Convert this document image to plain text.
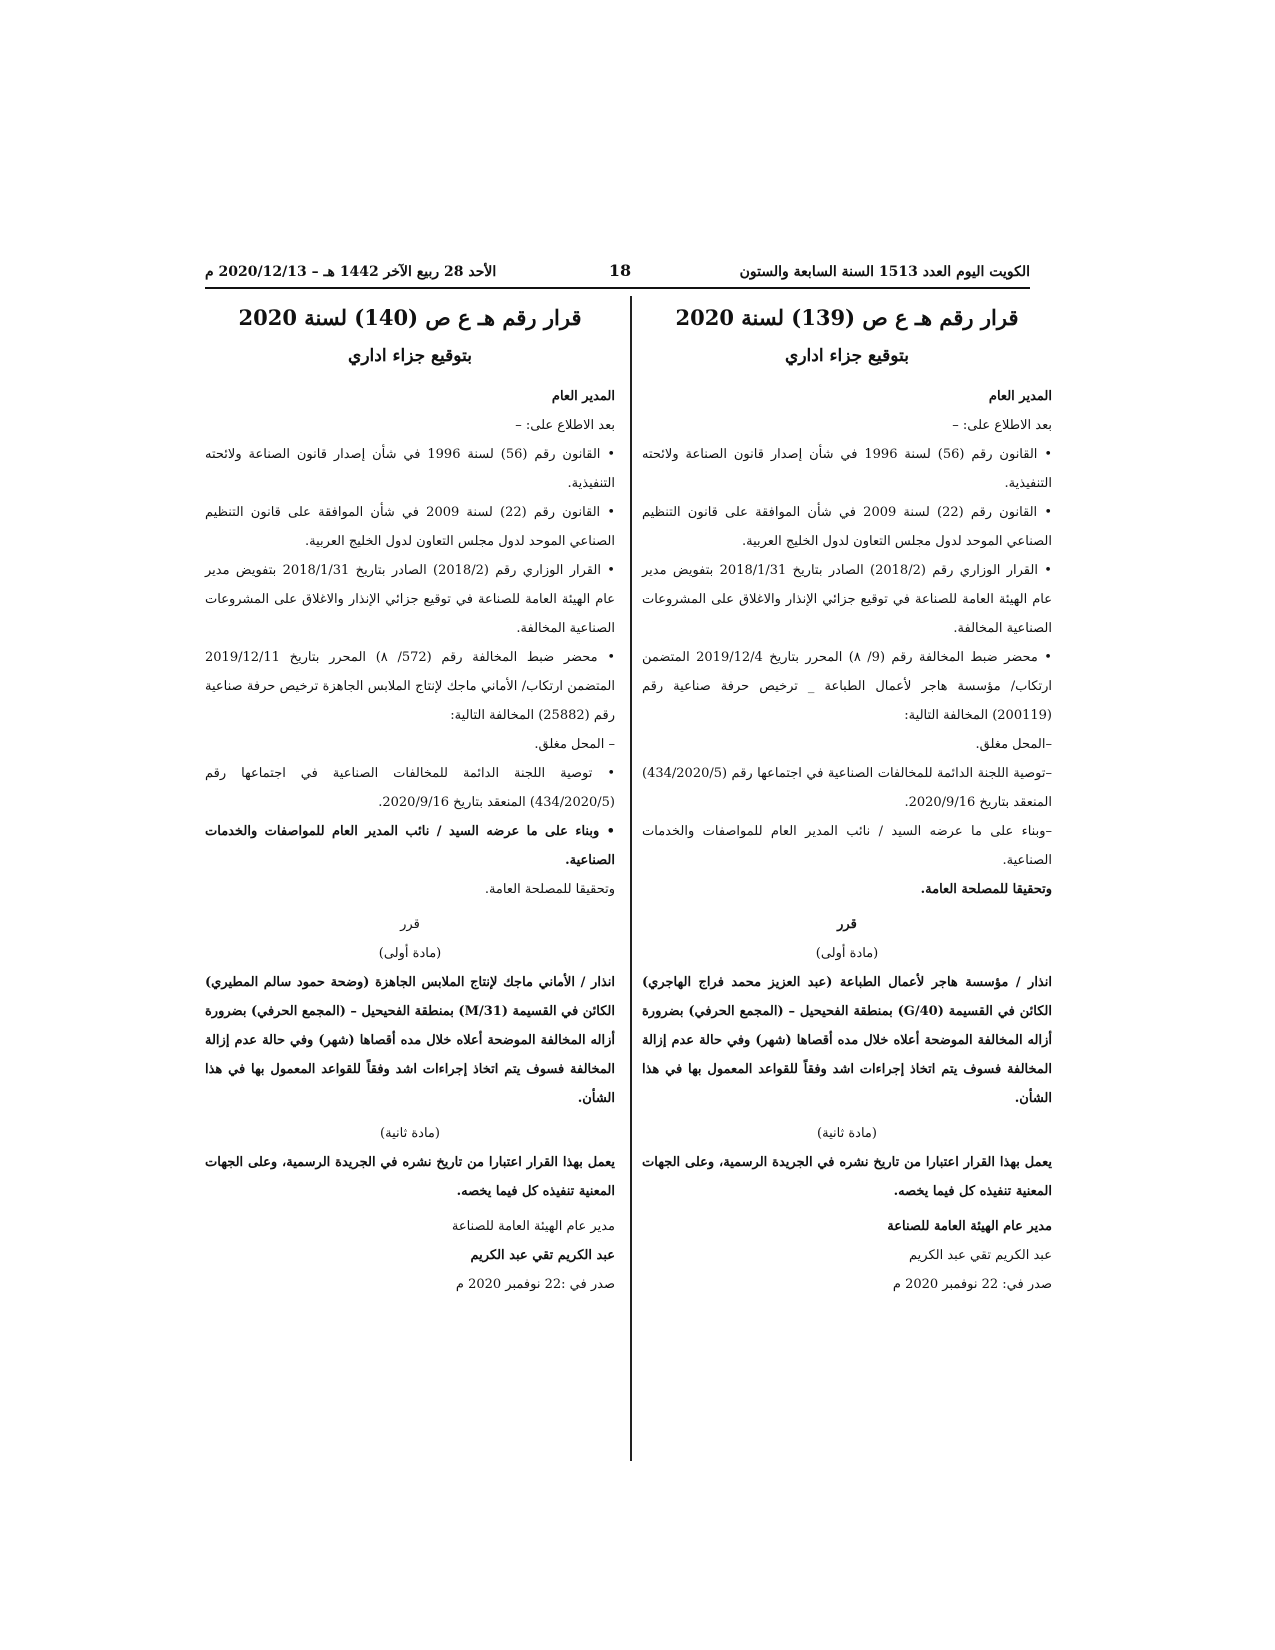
الكويت اليوم العدد 1513 السنة السابعة والستون
18
الأحد 28 ربيع الآخر 1442 هـ – 2020/12/13 م

قرار رقم هـ ع ص (139) لسنة 2020

بتوقيع جزاء اداري

المدير العام

بعد الاطلاع على: –

• القانون رقم (56) لسنة 1996 في شأن إصدار قانون الصناعة ولائحته التنفيذية.

• القانون رقم (22) لسنة 2009 في شأن الموافقة على قانون التنظيم الصناعي الموحد لدول مجلس التعاون لدول الخليج العربية.

• القرار الوزاري رقم (2018/2) الصادر بتاريخ 2018/1/31 بتفويض مدير عام الهيئة العامة للصناعة في توقيع جزائي الإنذار والاغلاق على المشروعات الصناعية المخالفة.

• محضر ضبط المخالفة رقم (9/ ٨) المحرر بتاريخ 2019/12/4 المتضمن ارتكاب/ مؤسسة هاجر لأعمال الطباعة _ ترخيص حرفة صناعية رقم (200119) المخالفة التالية:

–المحل مغلق.

–توصية اللجنة الدائمة للمخالفات الصناعية في اجتماعها رقم (434/2020/5) المنعقد بتاريخ 2020/9/16.

–وبناء على ما عرضه السيد / نائب المدير العام للمواصفات والخدمات الصناعية.

وتحقيقا للمصلحة العامة.

قرر

(مادة أولى)

انذار / مؤسسة هاجر لأعمال الطباعة (عبد العزيز محمد فراج الهاجري) الكائن في القسيمة (G/40) بمنطقة الفحيحيل – (المجمع الحرفي) بضرورة أزاله المخالفة الموضحة أعلاه خلال مده أقصاها (شهر) وفي حالة عدم إزالة المخالفة فسوف يتم اتخاذ إجراءات اشد وفقاً للقواعد المعمول بها في هذا الشأن.

(مادة ثانية)

يعمل بهذا القرار اعتبارا من تاريخ نشره في الجريدة الرسمية، وعلى الجهات المعنية تنفيذه كل فيما يخصه.

مدير عام الهيئة العامة للصناعة

عبد الكريم تقي عبد الكريم

صدر في: 22 نوفمبر 2020 م

قرار رقم هـ ع ص (140) لسنة 2020

بتوقيع جزاء اداري

المدير العام

بعد الاطلاع على: –

• القانون رقم (56) لسنة 1996 في شأن إصدار قانون الصناعة ولائحته التنفيذية.

• القانون رقم (22) لسنة 2009 في شأن الموافقة على قانون التنظيم الصناعي الموحد لدول مجلس التعاون لدول الخليج العربية.

• القرار الوزاري رقم (2018/2) الصادر بتاريخ 2018/1/31 بتفويض مدير عام الهيئة العامة للصناعة في توقيع جزائي الإنذار والاغلاق على المشروعات الصناعية المخالفة.

• محضر ضبط المخالفة رقم (572/ ٨) المحرر بتاريخ 2019/12/11 المتضمن ارتكاب/ الأماني ماجك لإنتاج الملابس الجاهزة ترخيص حرفة صناعية رقم (25882) المخالفة التالية:

– المحل مغلق.

• توصية اللجنة الدائمة للمخالفات الصناعية في اجتماعها رقم (434/2020/5) المنعقد بتاريخ 2020/9/16.

• وبناء على ما عرضه السيد / نائب المدير العام للمواصفات والخدمات الصناعية.

وتحقيقا للمصلحة العامة.

قرر

(مادة أولى)

انذار / الأماني ماجك لإنتاج الملابس الجاهزة (وضحة حمود سالم المطيري) الكائن في القسيمة (M/31) بمنطقة الفحيحيل – (المجمع الحرفي) بضرورة أزاله المخالفة الموضحة أعلاه خلال مده أقصاها (شهر) وفي حالة عدم إزالة المخالفة فسوف يتم اتخاذ إجراءات اشد وفقاً للقواعد المعمول بها في هذا الشأن.

(مادة ثانية)

يعمل بهذا القرار اعتبارا من تاريخ نشره في الجريدة الرسمية، وعلى الجهات المعنية تنفيذه كل فيما يخصه.

مدير عام الهيئة العامة للصناعة

عبد الكريم تقي عبد الكريم

صدر في :22 نوفمبر 2020 م
